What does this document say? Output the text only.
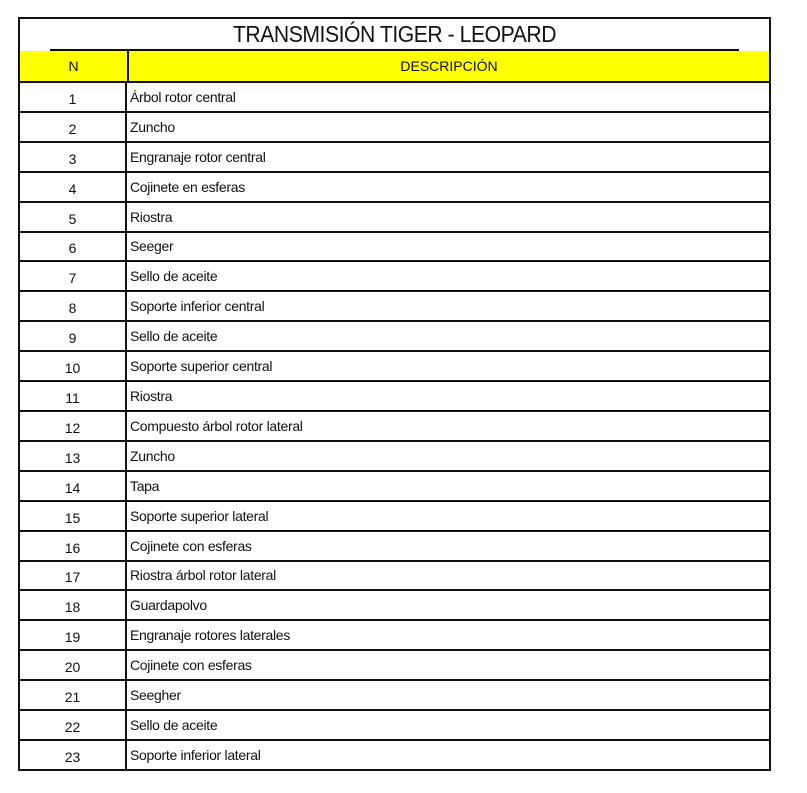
TRANSMISIÓN TIGER - LEOPARD
N	DESCRIPCIÓN
1	Árbol rotor central
2	Zuncho
3	Engranaje rotor central
4	Cojinete en esferas
5	Riostra
6	Seeger
7	Sello de aceite
8	Soporte inferior central
9	Sello de aceite
10	Soporte superior central
11	Riostra
12	Compuesto árbol rotor lateral
13	Zuncho
14	Tapa
15	Soporte superior lateral
16	Cojinete con esferas
17	Riostra árbol rotor lateral
18	Guardapolvo
19	Engranaje rotores laterales
20	Cojinete con esferas
21	Seegher
22	Sello de aceite
23	Soporte inferior lateral
